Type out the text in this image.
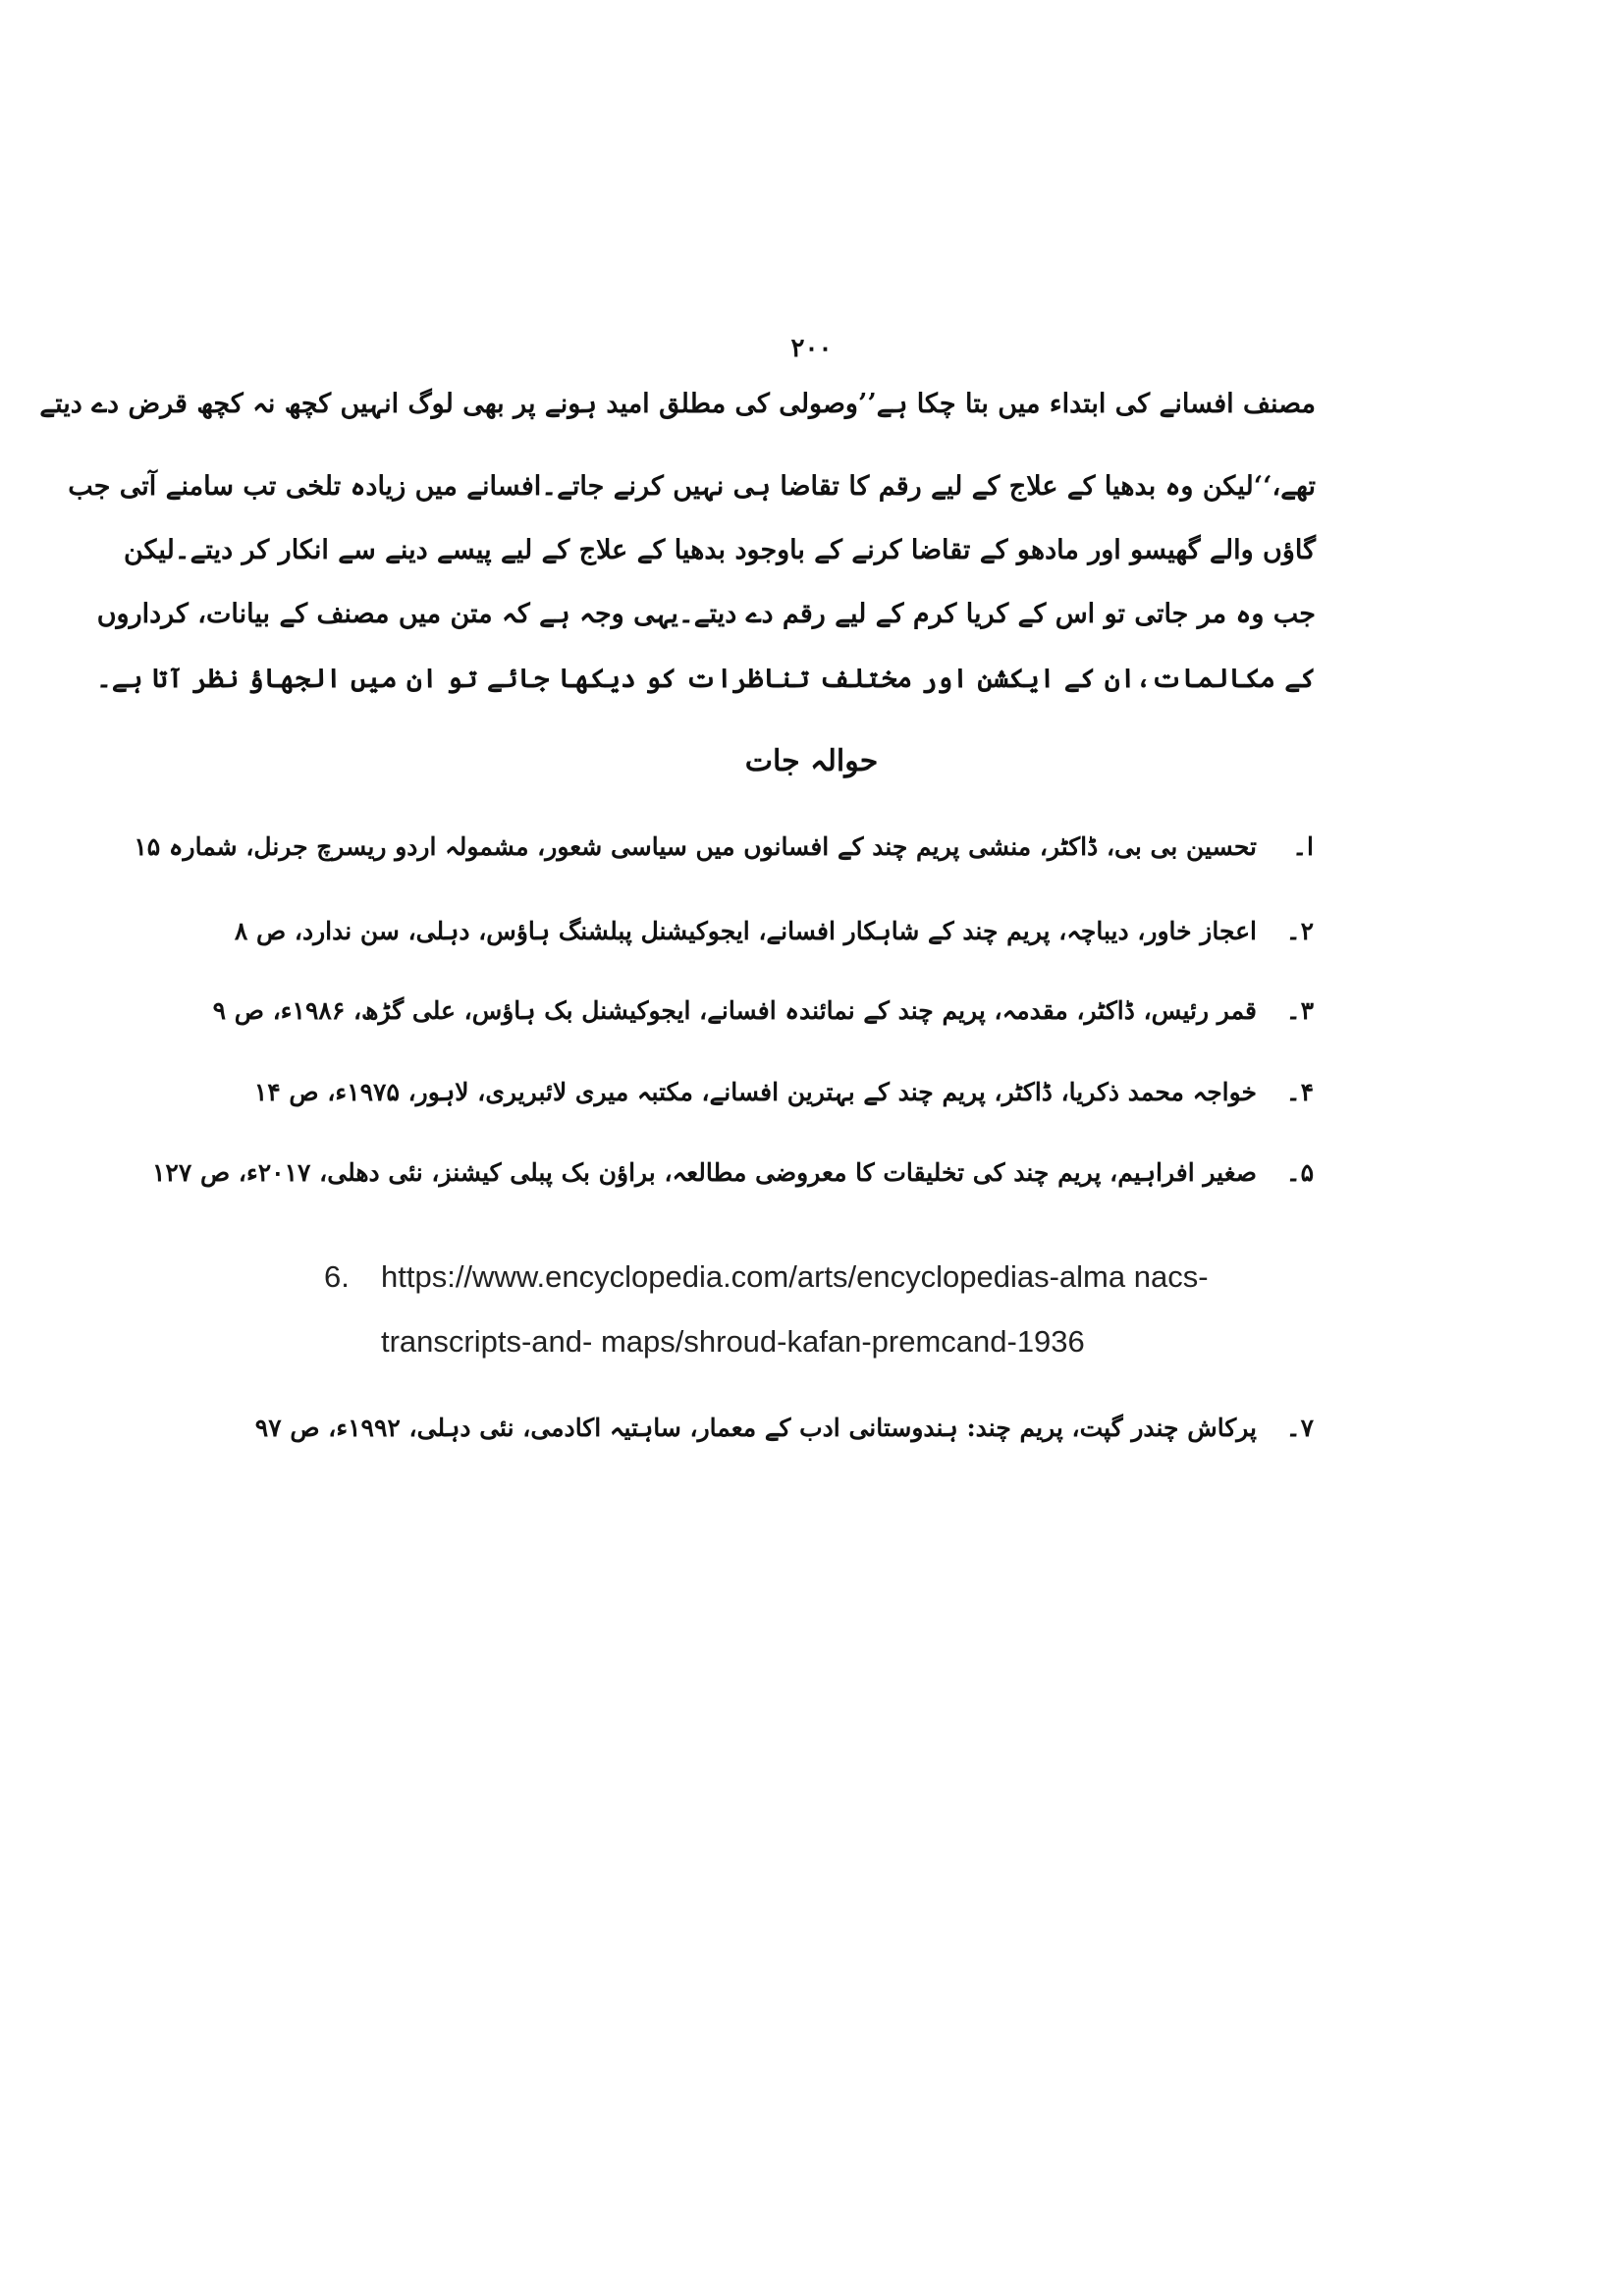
۲۰۰
مصنف افسانے کی ابتداء میں بتا چکا ہے’’وصولی کی مطلق امید ہونے پر بھی لوگ انہیں کچھ نہ کچھ قرض دے دیتے
تھے،‘‘لیکن وہ بدھیا کے علاج کے لیے رقم کا تقاضا ہی نہیں کرنے جاتے۔افسانے میں زیادہ تلخی تب سامنے آتی جب
گاؤں والے گھیسو اور مادھو کے تقاضا کرنے کے باوجود بدھیا کے علاج کے لیے پیسے دینے سے انکار کر دیتے۔لیکن
جب وہ مر جاتی تو اس کے کریا کرم کے لیے رقم دے دیتے۔یہی وجہ ہے کہ متن میں مصنف کے بیانات، کرداروں
کے مکالمات،ان کے ایکشن اور مختلف تناظرات کو دیکھا جائے تو ان میں الجھاؤ نظر آتا ہے۔
حوالہ جات
ا۔تحسین بی بی، ڈاکٹر، منشی پریم چند کے افسانوں میں سیاسی شعور، مشمولہ اردو ریسرچ جرنل، شمارہ ۱۵
۲۔اعجاز خاور، دیباچہ، پریم چند کے شاہکار افسانے، ایجوکیشنل پبلشنگ ہاؤس، دہلی، سن ندارد، ص ۸
۳۔قمر رئیس، ڈاکٹر، مقدمہ، پریم چند کے نمائندہ افسانے، ایجوکیشنل بک ہاؤس، علی گڑھ، ۱۹۸۶ء، ص ۹
۴۔خواجہ محمد ذکریا، ڈاکٹر، پریم چند کے بہترین افسانے، مکتبہ میری لائبریری، لاہور، ۱۹۷۵ء، ص ۱۴
۵۔صغیر افراہیم، پریم چند کی تخلیقات کا معروضی مطالعہ، براؤن بک پبلی کیشنز، نئی دھلی، ۲۰۱۷ء، ص ۱۲۷
6. https://www.encyclopedia.com/arts/encyclopedias-alma nacs-
transcripts-and- maps/shroud-kafan-premcand-1936
۷۔پرکاش چندر گپت، پریم چند: ہندوستانی ادب کے معمار، ساہتیہ اکادمی، نئی دہلی، ۱۹۹۲ء، ص ۹۷
